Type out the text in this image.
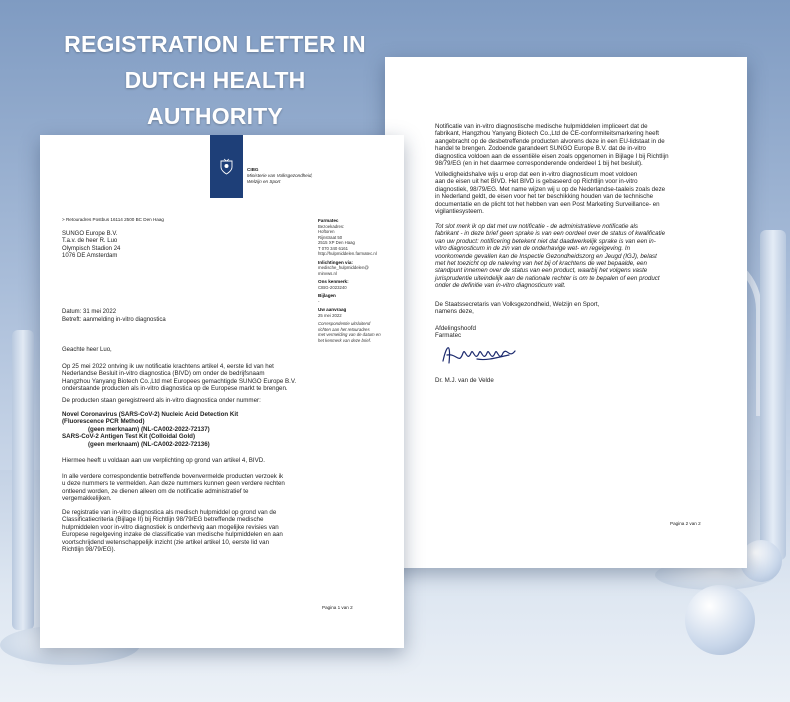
REGISTRATION LETTER IN
DUTCH HEALTH
AUTHORITY	Notificatie van in-vitro diagnostische medische hulpmiddelen impliceert dat de
fabrikant, Hangzhou Yanyang Biotech Co.,Ltd de CE-conformiteitsmarkering heeft
aangebracht op de desbetreffende producten alvorens deze in een EU-lidstaat in de
handel te brengen. Zodoende garandeert SUNGO Europe B.V. dat de in-vitro
diagnostica voldoen aan de essentiële eisen zoals opgenomen in Bijlage I bij Richtlijn
98/79/EG (en in het daarmee corresponderende onderdeel 1 bij het besluit).
Volledigheidshalve wijs u erop dat een in-vitro diagnosticum moet voldoen
aan de eisen uit het BIVD. Het BIVD is gebaseerd op Richtlijn voor in-vitro
diagnostiek, 98/79/EG. Met name wijzen wij u op de Nederlandse-taaleis zoals deze
in Nederland geldt, de eisen voor het ter beschikking houden van de technische
documentatie en de plicht tot het hebben van een Post Marketing Surveillance- en
vigilantiesysteem.
Tot slot merk ik op dat met uw notificatie - de administratieve notificatie als
fabrikant - in deze brief geen sprake is van een oordeel over de status of kwalificatie
van uw product: notificering betekent niet dat daadwerkelijk sprake is van een in-
vitro diagnosticum in de zin van de onderhavige wet- en regelgeving. In
voorkomende gevallen kan de Inspectie Gezondheidszorg en Jeugd (IGJ), belast
met het toezicht op de naleving van het bij of krachtens de wet bepaalde, een
standpunt innemen over de status van een product, waarbij het volgens vaste
jurisprudentie uiteindelijk aan de nationale rechter is om te bepalen of een product
onder de definitie van in-vitro diagnosticum valt.
De Staatssecretaris van Volksgezondheid, Welzijn en Sport,
namens deze,
Afdelingshoofd
Farmatec
Dr. M.J. van de Velde
Pagina 2 van 2
CIBG
Ministerie van Volksgezondheid,
Welzijn en Sport
> Retouradres Postbus 16114 2500 BC Den Haag
SUNGO Europe B.V.
T.a.v. de heer R. Luo
Olympisch Stadion 24
1076 DE Amsterdam
Farmatec
Bezoekadres:
Hoftoren
Rijnstraat 50
2515 XP Den Haag
T 070 340 6161
http://hulpmiddelen.farmatec.nl
Inlichtingen via:
medische_hulpmiddelen@
minvws.nl
Ons kenmerk:
CIBG-2023240
Bijlagen
-
Uw aanvraag
25 mei 2022
Correspondentie uitsluitend
richten aan het retouradres
met vermelding van de datum en
het kenmerk van deze brief.
Datum: 31 mei 2022
Betreft: aanmelding in-vitro diagnostica
Geachte heer Luo,
Op 25 mei 2022 ontving ik uw notificatie krachtens artikel 4, eerste lid van het
Nederlandse Besluit in-vitro diagnostica (BIVD) om onder de bedrijfsnaam
Hangzhou Yanyang Biotech Co.,Ltd met Europees gemachtigde SUNGO Europe B.V.
onderstaande producten als in-vitro diagnostica op de Europese markt te brengen.
De producten staan geregistreerd als in-vitro diagnostica onder nummer:
Novel Coronavirus (SARS-CoV-2) Nucleic Acid Detection Kit
(Fluorescence PCR Method)
(geen merknaam) (NL-CA002-2022-72137)
SARS-CoV-2 Antigen Test Kit (Colloidal Gold)
(geen merknaam) (NL-CA002-2022-72136)
Hiermee heeft u voldaan aan uw verplichting op grond van artikel 4, BIVD.
In alle verdere correspondentie betreffende bovenvermelde producten verzoek ik
u deze nummers te vermelden. Aan deze nummers kunnen geen verdere rechten
ontleend worden, ze dienen alleen om de notificatie administratief te
vergemakkelijken.
De registratie van in-vitro diagnostica als medisch hulpmiddel op grond van de
Classificatiecriteria (Bijlage II) bij Richtlijn 98/79/EG betreffende medische
hulpmiddelen voor in-vitro diagnostiek is onderhevig aan mogelijke revisies van
Europese regelgeving inzake de classificatie van medische hulpmiddelen en aan
voortschrijdend wetenschappelijk inzicht (zie artikel artikel 10, eerste lid van
Richtlijn 98/79/EG).
Pagina 1 van 2
